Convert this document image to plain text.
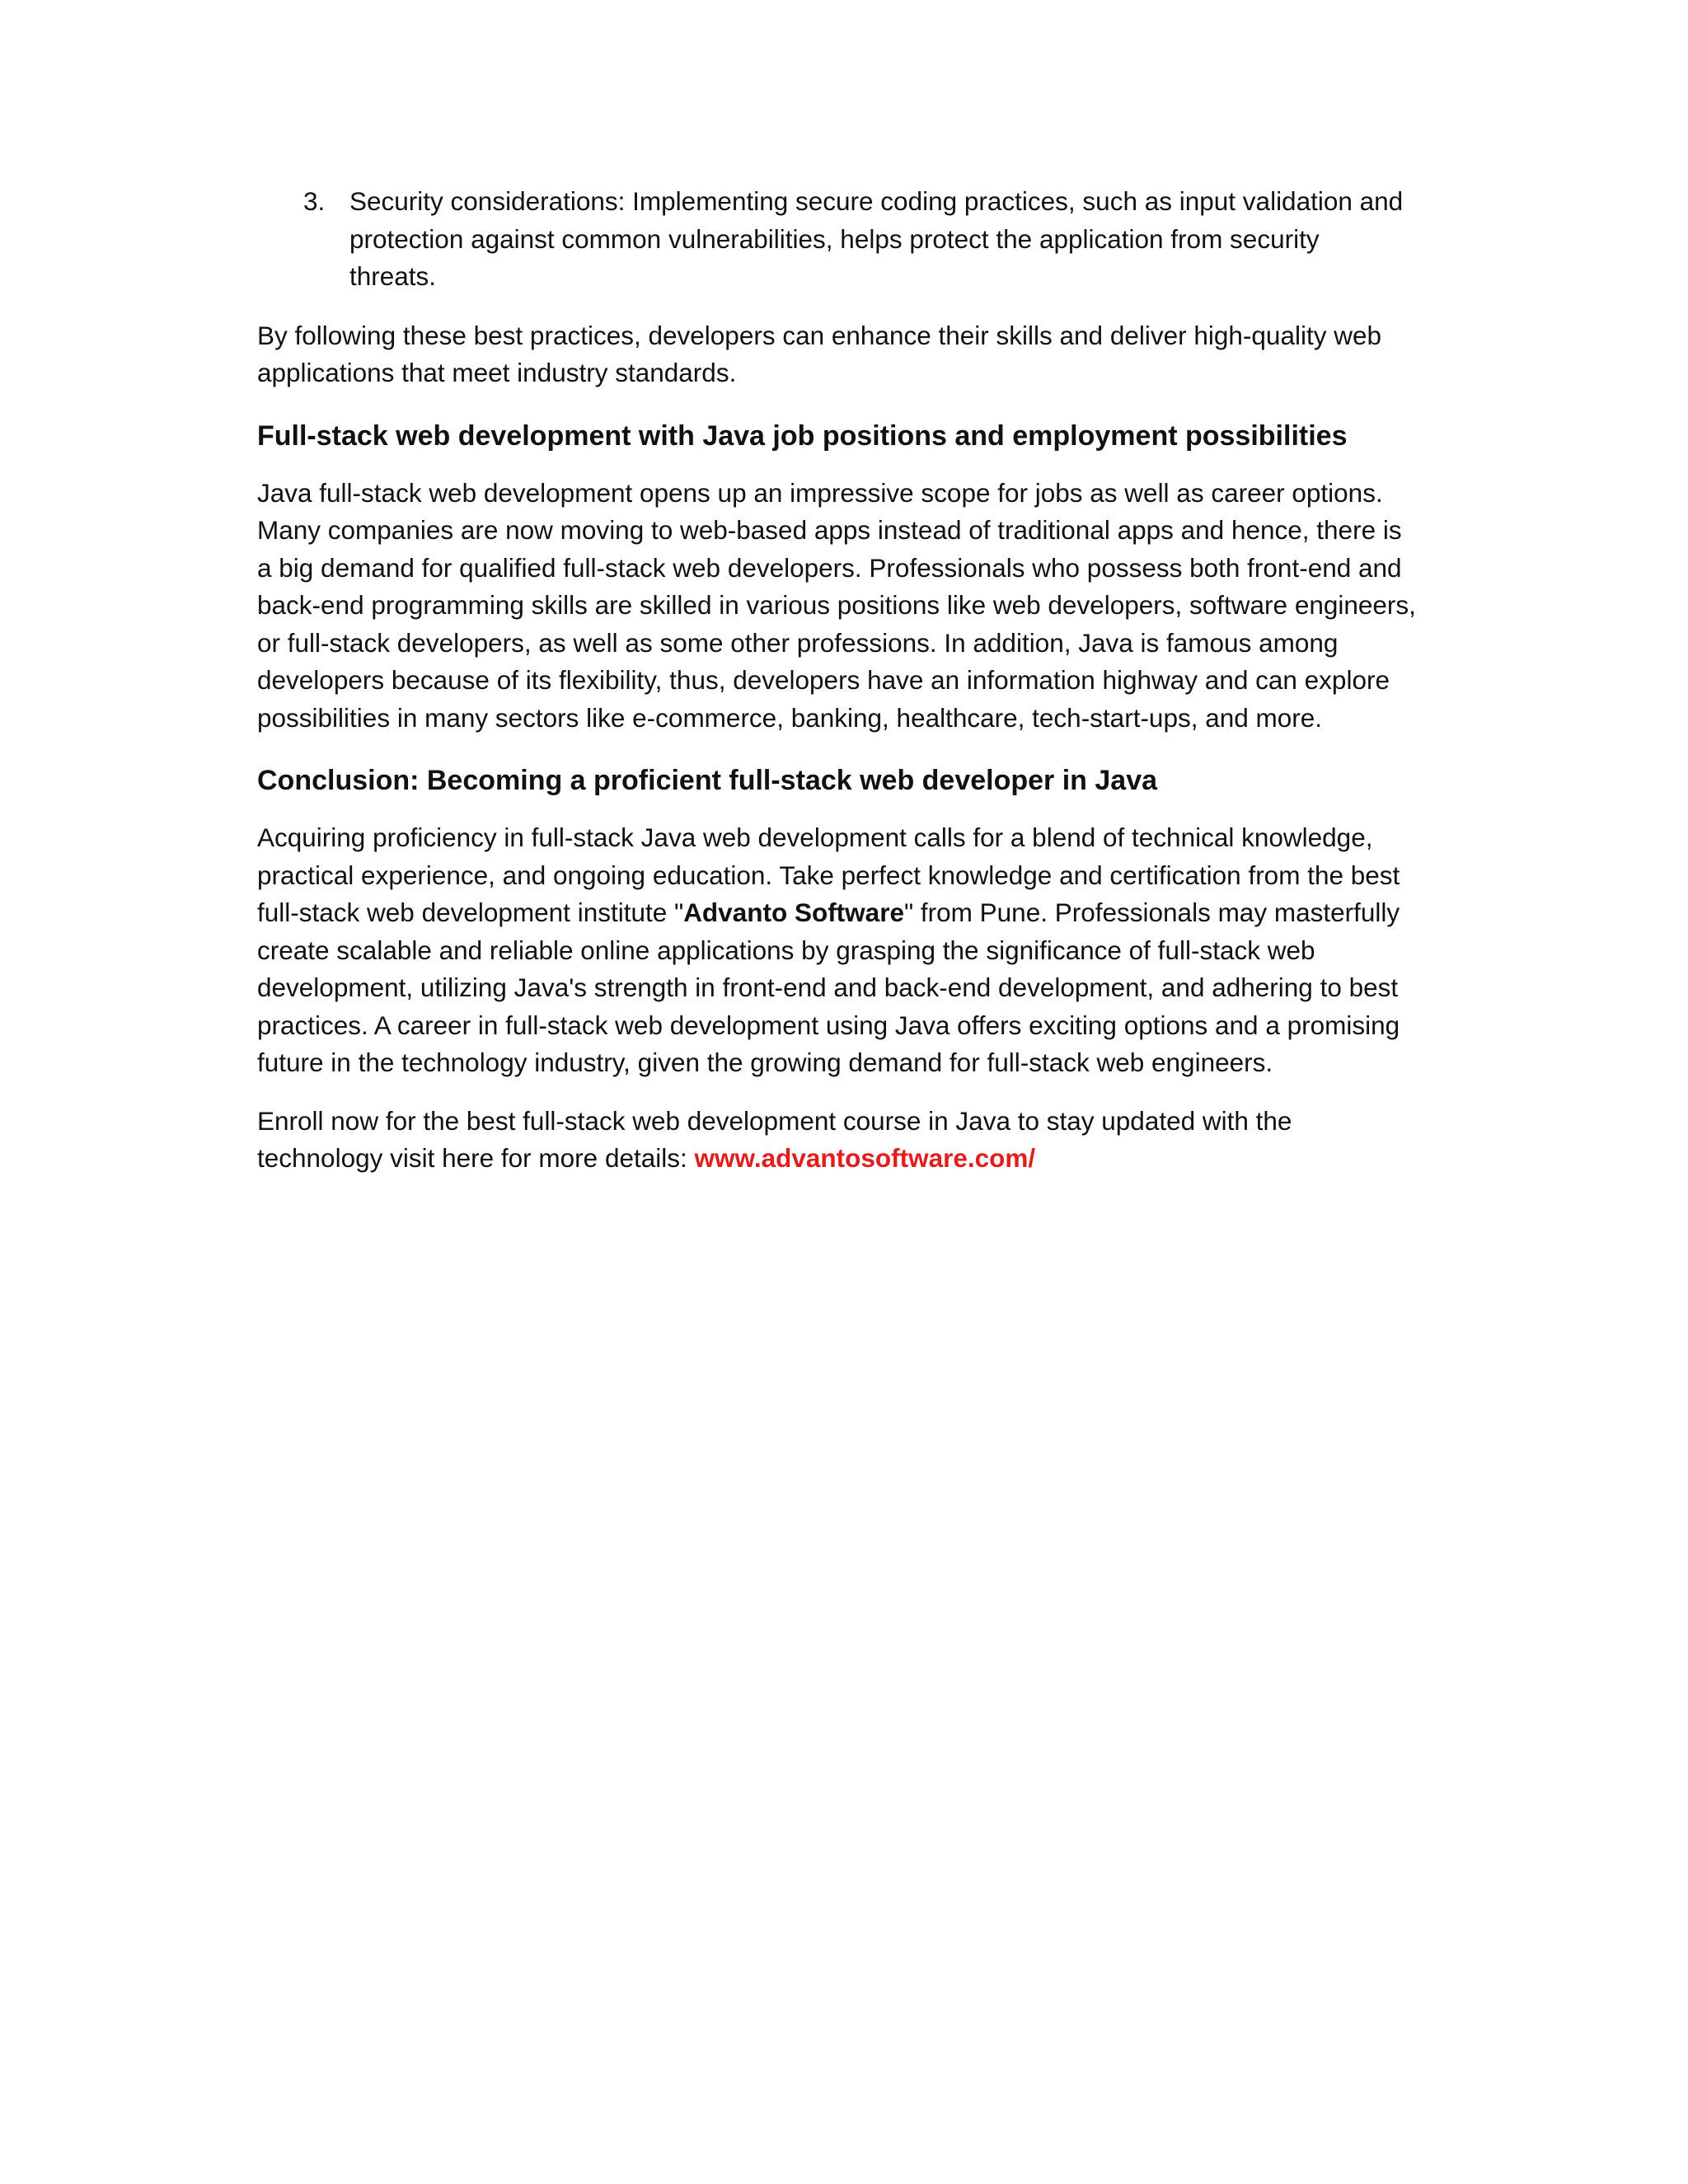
3. Security considerations: Implementing secure coding practices, such as input validation and
protection against common vulnerabilities, helps protect the application from security
threats.

By following these best practices, developers can enhance their skills and deliver high-quality web
applications that meet industry standards.

Full-stack web development with Java job positions and employment possibilities

Java full-stack web development opens up an impressive scope for jobs as well as career options.
Many companies are now moving to web-based apps instead of traditional apps and hence, there is
a big demand for qualified full-stack web developers. Professionals who possess both front-end and
back-end programming skills are skilled in various positions like web developers, software engineers,
or full-stack developers, as well as some other professions. In addition, Java is famous among
developers because of its flexibility, thus, developers have an information highway and can explore
possibilities in many sectors like e-commerce, banking, healthcare, tech-start-ups, and more.

Conclusion: Becoming a proficient full-stack web developer in Java

Acquiring proficiency in full-stack Java web development calls for a blend of technical knowledge,
practical experience, and ongoing education. Take perfect knowledge and certification from the best
full-stack web development institute "Advanto Software" from Pune. Professionals may masterfully
create scalable and reliable online applications by grasping the significance of full-stack web
development, utilizing Java's strength in front-end and back-end development, and adhering to best
practices. A career in full-stack web development using Java offers exciting options and a promising
future in the technology industry, given the growing demand for full-stack web engineers.

Enroll now for the best full-stack web development course in Java to stay updated with the
technology visit here for more details: www.advantosoftware.com/
